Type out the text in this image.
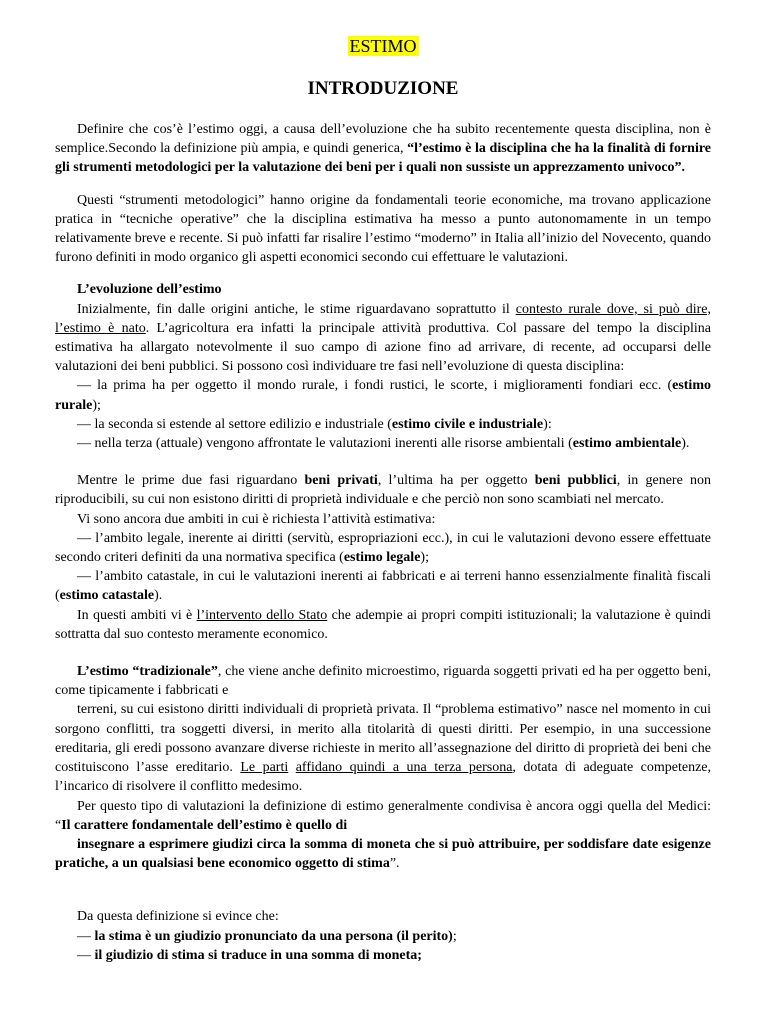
ESTIMO
INTRODUZIONE

Definire che cos’è l’estimo oggi, a causa dell’evoluzione che ha subito recentemente questa disciplina, non è semplice.Secondo la definizione più ampia, e quindi generica, “l’estimo è la disciplina che ha la finalità di fornire gli strumenti metodologici per la valutazione dei beni per i quali non sussiste un apprezzamento univoco”.

Questi “strumenti metodologici” hanno origine da fondamentali teorie economiche, ma trovano applicazione pratica in “tecniche operative” che la disciplina estimativa ha messo a punto autonomamente in un tempo relativamente breve e recente. Si può infatti far risalire l’estimo “moderno” in Italia all’inizio del Novecento, quando furono definiti in modo organico gli aspetti economici secondo cui effettuare le valutazioni.

L’evoluzione dell’estimo

Inizialmente, fin dalle origini antiche, le stime riguardavano soprattutto il contesto rurale dove, si può dire, l’estimo è nato. L’agricoltura era infatti la principale attività produttiva. Col passare del tempo la disciplina estimativa ha allargato notevolmente il suo campo di azione fino ad arrivare, di recente, ad occuparsi delle valutazioni dei beni pubblici. Si possono così individuare tre fasi nell’evoluzione di questa disciplina:

— la prima ha per oggetto il mondo rurale, i fondi rustici, le scorte, i miglioramenti fondiari ecc. (estimo rurale);

— la seconda si estende al settore edilizio e industriale (estimo civile e industriale):

— nella terza (attuale) vengono affrontate le valutazioni inerenti alle risorse ambientali (estimo ambientale).

Mentre le prime due fasi riguardano beni privati, l’ultima ha per oggetto beni pubblici, in genere non riproducibili, su cui non esistono diritti di proprietà individuale e che perciò non sono scambiati nel mercato.

Vi sono ancora due ambiti in cui è richiesta l’attività estimativa:

— l’ambito legale, inerente ai diritti (servitù, espropriazioni ecc.), in cui le valutazioni devono essere effettuate secondo criteri definiti da una normativa specifica (estimo legale);

— l’ambito catastale, in cui le valutazioni inerenti ai fabbricati e ai terreni hanno essenzialmente finalità fiscali (estimo catastale).

In questi ambiti vi è l’intervento dello Stato che adempie ai propri compiti istituzionali; la valutazione è quindi sottratta dal suo contesto meramente economico.

L’estimo “tradizionale”, che viene anche definito microestimo, riguarda soggetti privati ed ha per oggetto beni, come tipicamente i fabbricati e

terreni, su cui esistono diritti individuali di proprietà privata. Il “problema estimativo” nasce nel momento in cui sorgono conflitti, tra soggetti diversi, in merito alla titolarità di questi diritti. Per esempio, in una successione ereditaria, gli eredi possono avanzare diverse richieste in merito all’assegnazione del diritto di proprietà dei beni che costituiscono l’asse ereditario. Le parti affidano quindi a una terza persona, dotata di adeguate competenze, l’incarico di risolvere il conflitto medesimo.

Per questo tipo di valutazioni la definizione di estimo generalmente condivisa è ancora oggi quella del Medici: “Il carattere fondamentale dell’estimo è quello di

insegnare a esprimere giudizi circa la somma di moneta che si può attribuire, per soddisfare date esigenze pratiche, a un qualsiasi bene economico oggetto di stima”.

Da questa definizione si evince che:

— la stima è un giudizio pronunciato da una persona (il perito);

— il giudizio di stima si traduce in una somma di moneta;
